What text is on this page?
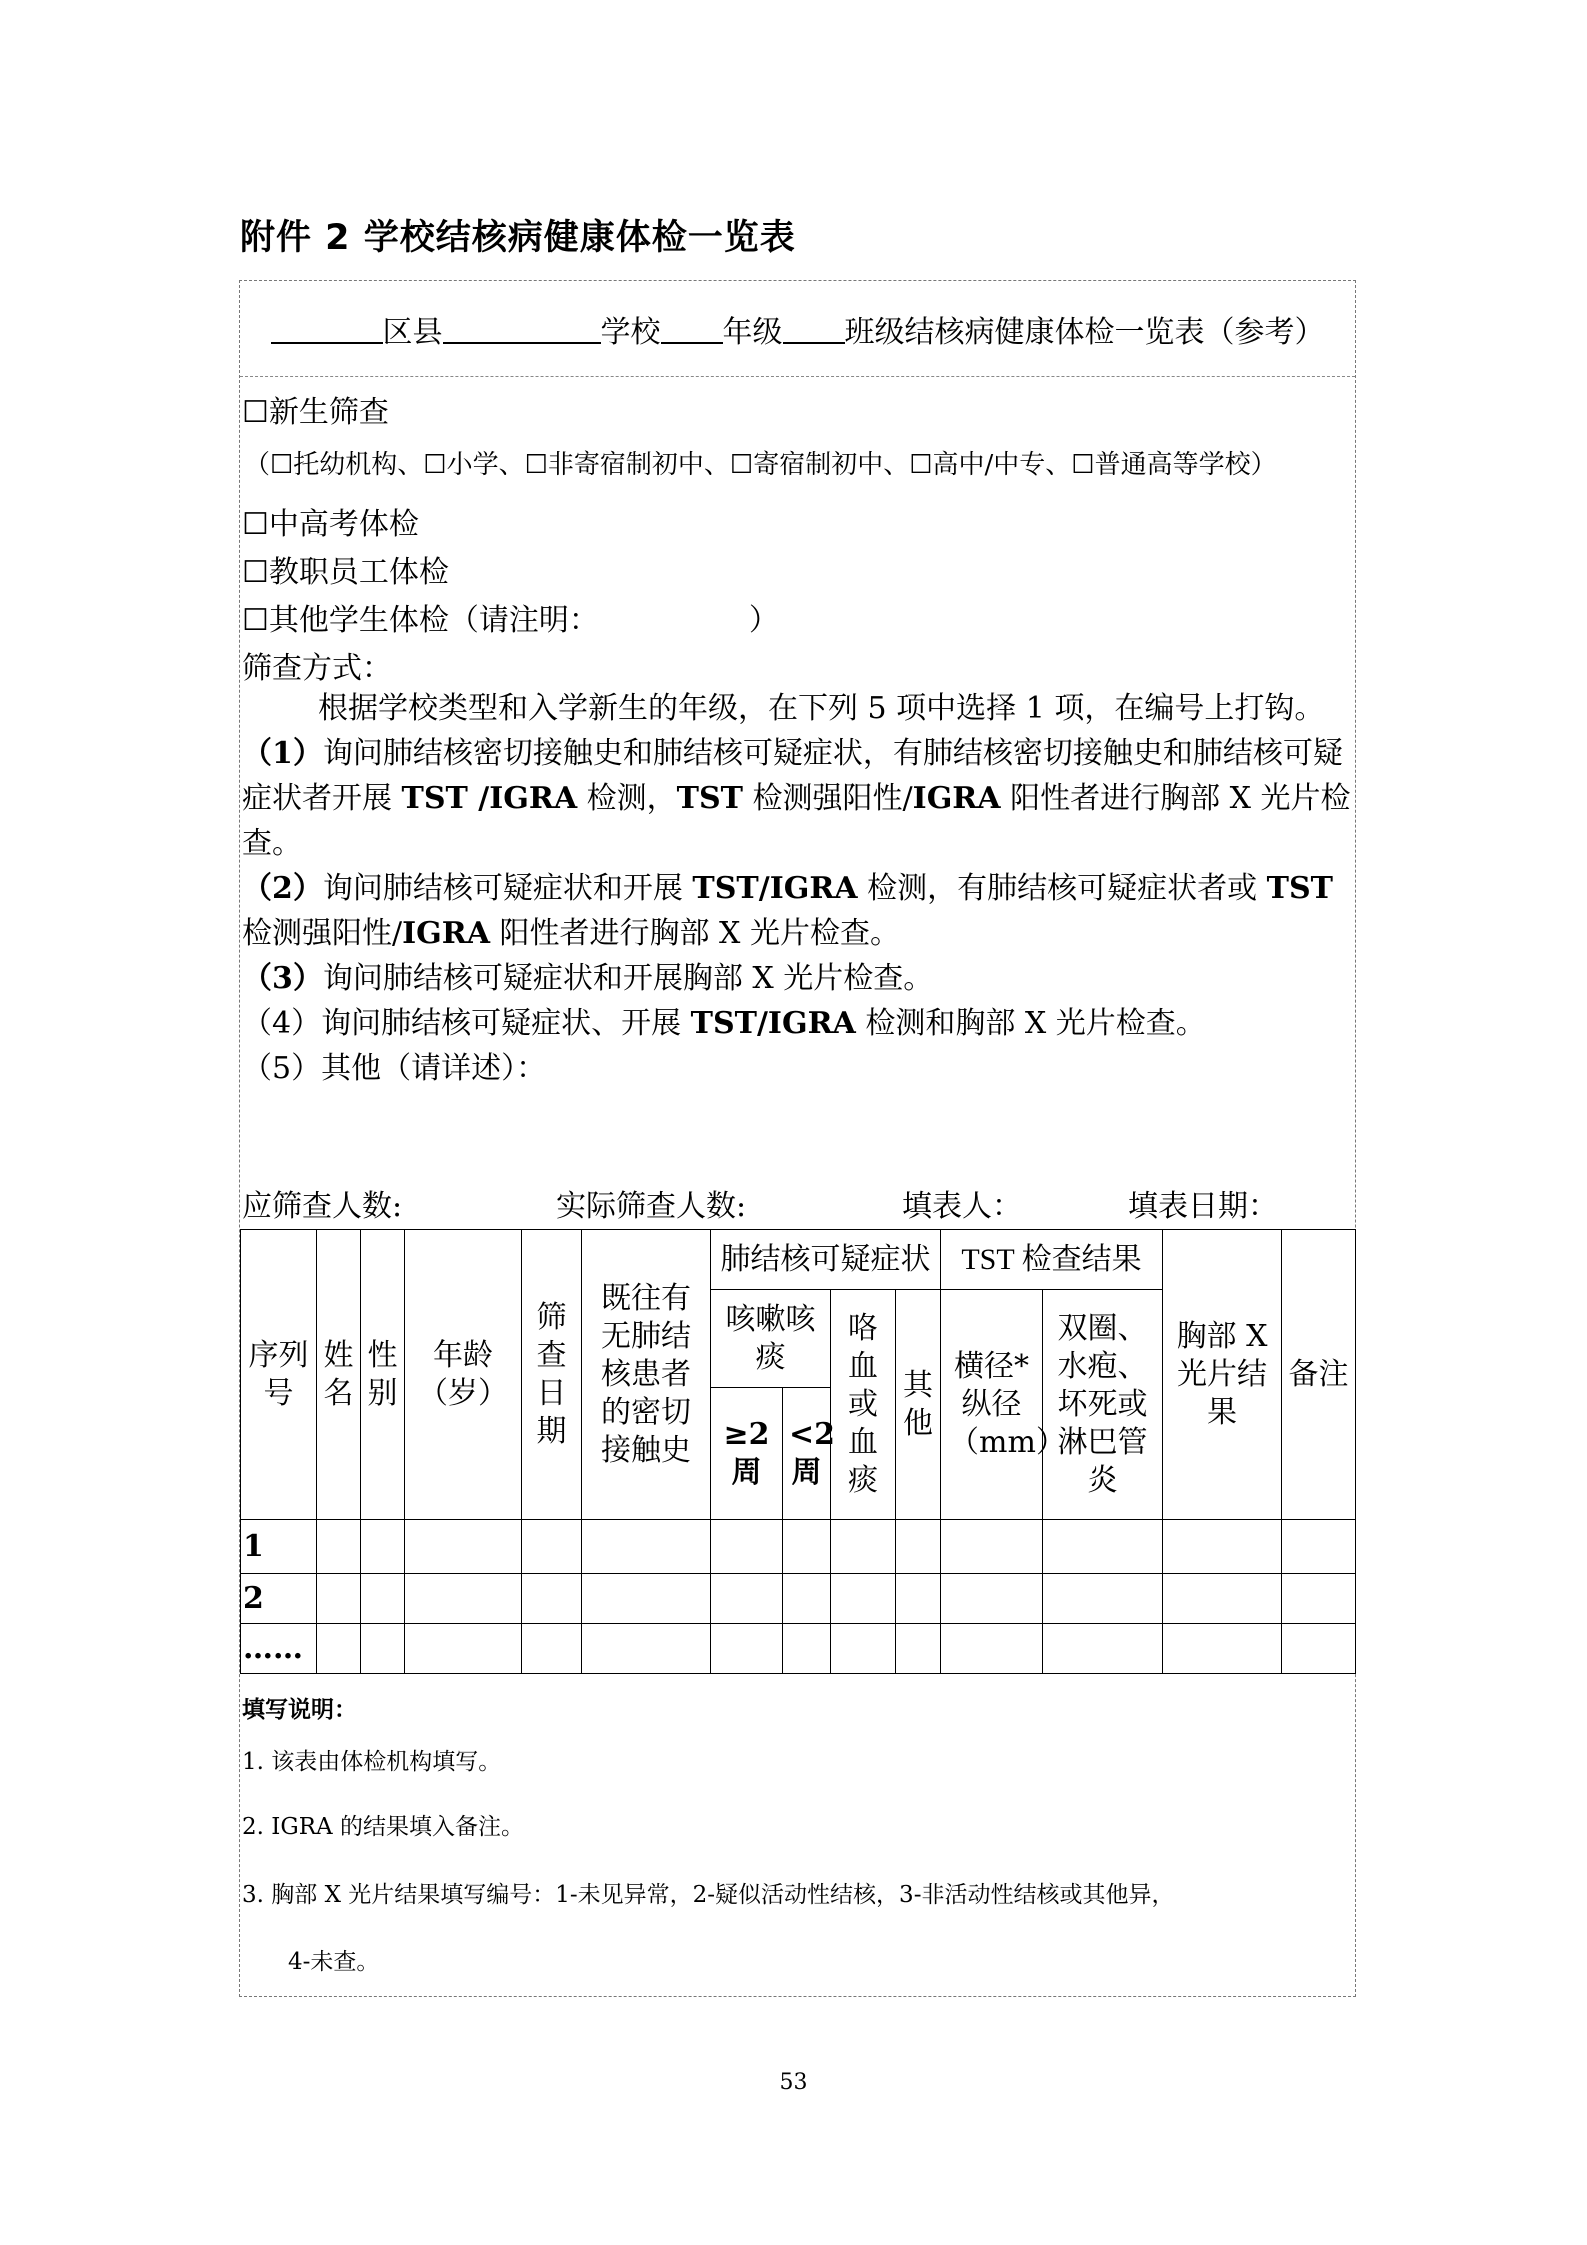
附件 2 学校结核病健康体检一览表
区县	学校 年级 班级结核病健康体检一览表（参考）
☐新生筛查
（☐托幼机构、☐小学、☐非寄宿制初中、☐寄宿制初中、☐高中/中专、☐普通高等学校）
☐中高考体检
☐教职员工体检
☐其他学生体检（请注明：	）
筛查方式：
根据学校类型和入学新生的年级，在下列 5 项中选择 1 项，在编号上打钩。
（1）询问肺结核密切接触史和肺结核可疑症状，有肺结核密切接触史和肺结核可疑症状者开展 TST /IGRA 检测，TST 检测强阳性/IGRA 阳性者进行胸部 X 光片检查。
（2）询问肺结核可疑症状和开展 TST/IGRA 检测，有肺结核可疑症状者或 TST 检测强阳性/IGRA 阳性者进行胸部 X 光片检查。
（3）询问肺结核可疑症状和开展胸部 X 光片检查。
（4）询问肺结核可疑症状、开展 TST/IGRA 检测和胸部 X 光片检查。
（5）其他（请详述）：
应筛查人数:	实际筛查人数:	填表人：	填表日期：
序列号	姓名	性别	年龄（岁）	筛查日期	既往有无肺结核患者的密切接触史	肺结核可疑症状				TST 检查结果		胸部 X 光片结果	备注
						咳嗽咳痰		咯血或血痰	其他	横径*纵径（mm）	双圈、水疱、坏死或淋巴管炎		
						≥2周	<2周						
1													
2													
……													
填写说明：
1. 该表由体检机构填写。
2. IGRA 的结果填入备注。
3. 胸部 X 光片结果填写编号：1-未见异常，2-疑似活动性结核，3-非活动性结核或其他异，
4-未查。
53
